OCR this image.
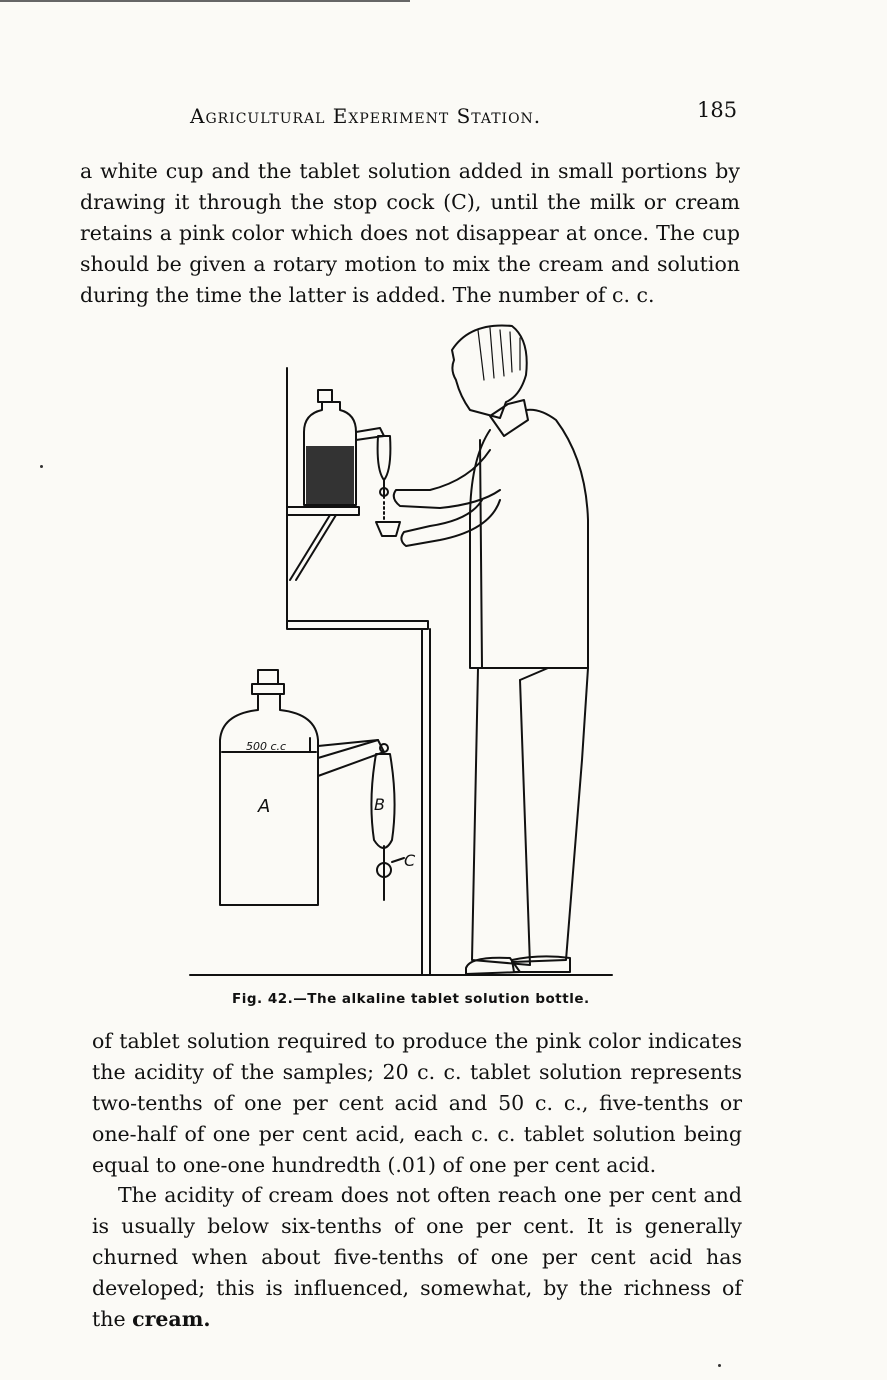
Agricultural Experiment Station.	185

a white cup and the tablet solution added in small portions by drawing it through the stop cock (C), until the milk or cream retains a pink color which does not disappear at once. The cup should be given a rotary motion to mix the cream and solution during the time the latter is added. The number of c. c.

500 c.c
A	B
C
Fig. 42.—The alkaline tablet solution bottle.

of tablet solution required to produce the pink color indicates the acidity of the samples; 20 c. c. tablet solution represents two-tenths of one per cent acid and 50 c. c., five-tenths or one-half of one per cent acid, each c. c. tablet solution being equal to one-one hundredth (.01) of one per cent acid.

The acidity of cream does not often reach one per cent and is usually below six-tenths of one per cent. It is generally churned when about five-tenths of one per cent acid has developed; this is influenced, somewhat, by the richness of the cream.
